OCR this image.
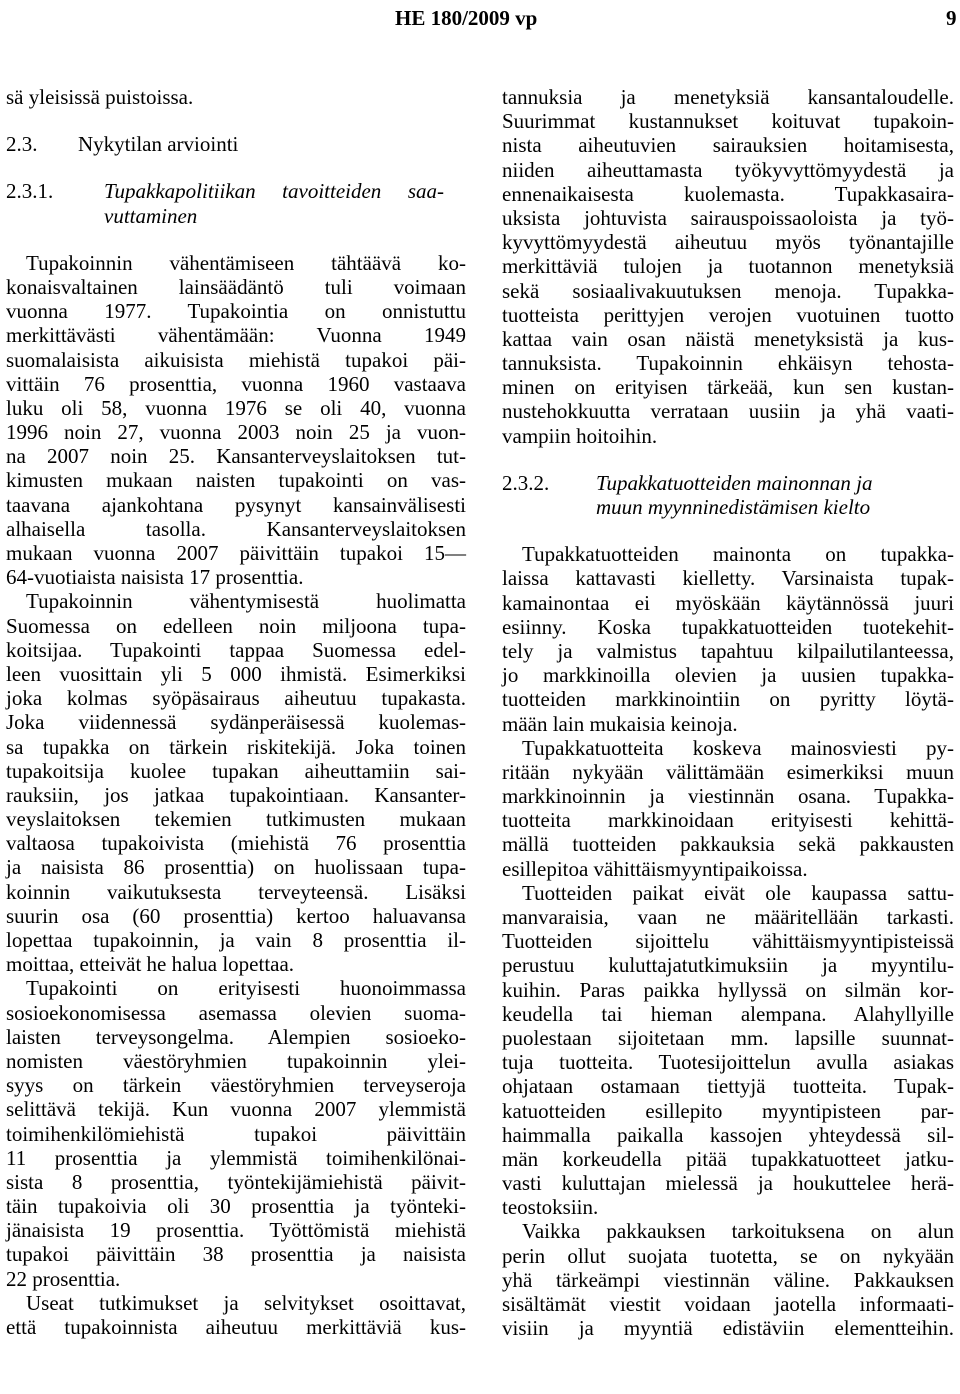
HE 180/2009 vp	9
sä yleisissä puistoissa.
2.3. Nykytilan arviointi
2.3.1. Tupakkapolitiikan tavoitteiden saa-
vuttaminen
Tupakoinnin vähentämiseen tähtäävä ko-
konaisvaltainen lainsäädäntö tuli voimaan
vuonna 1977. Tupakointia on onnistuttu
merkittävästi vähentämään: Vuonna 1949
suomalaisista aikuisista miehistä tupakoi päi-
vittäin 76 prosenttia, vuonna 1960 vastaava
luku oli 58, vuonna 1976 se oli 40, vuonna
1996 noin 27, vuonna 2003 noin 25 ja vuon-
na 2007 noin 25. Kansanterveyslaitoksen tut-
kimusten mukaan naisten tupakointi on vas-
taavana ajankohtana pysynyt kansainvälisesti
alhaisella tasolla. Kansanterveyslaitoksen
mukaan vuonna 2007 päivittäin tupakoi 15—
64-vuotiaista naisista 17 prosenttia.
Tupakoinnin vähentymisestä huolimatta
Suomessa on edelleen noin miljoona tupa-
koitsijaa. Tupakointi tappaa Suomessa edel-
leen vuosittain yli 5 000 ihmistä. Esimerkiksi
joka kolmas syöpäsairaus aiheutuu tupakasta.
Joka viidennessä sydänperäisessä kuolemas-
sa tupakka on tärkein riskitekijä. Joka toinen
tupakoitsija kuolee tupakan aiheuttamiin sai-
rauksiin, jos jatkaa tupakointiaan. Kansanter-
veyslaitoksen tekemien tutkimusten mukaan
valtaosa tupakoivista (miehistä 76 prosenttia
ja naisista 86 prosenttia) on huolissaan tupa-
koinnin vaikutuksesta terveyteensä. Lisäksi
suurin osa (60 prosenttia) kertoo haluavansa
lopettaa tupakoinnin, ja vain 8 prosenttia il-
moittaa, etteivät he halua lopettaa.
Tupakointi on erityisesti huonoimmassa
sosioekonomisessa asemassa olevien suoma-
laisten terveysongelma. Alempien sosioeko-
nomisten väestöryhmien tupakoinnin ylei-
syys on tärkein väestöryhmien terveyseroja
selittävä tekijä. Kun vuonna 2007 ylemmistä
toimihenkilömiehistä tupakoi päivittäin
11 prosenttia ja ylemmistä toimihenkilönai-
sista 8 prosenttia, työntekijämiehistä päivit-
täin tupakoivia oli 30 prosenttia ja työnteki-
jänaisista 19 prosenttia. Työttömistä miehistä
tupakoi päivittäin 38 prosenttia ja naisista
22 prosenttia.
Useat tutkimukset ja selvitykset osoittavat,
että tupakoinnista aiheutuu merkittäviä kus-
tannuksia ja menetyksiä kansantaloudelle.
Suurimmat kustannukset koituvat tupakoin-
nista aiheutuvien sairauksien hoitamisesta,
niiden aiheuttamasta työkyvyttömyydestä ja
ennenaikaisesta kuolemasta. Tupakkasaira-
uksista johtuvista sairauspoissaoloista ja työ-
kyvyttömyydestä aiheutuu myös työnantajille
merkittäviä tulojen ja tuotannon menetyksiä
sekä sosiaalivakuutuksen menoja. Tupakka-
tuotteista perittyjen verojen vuotuinen tuotto
kattaa vain osan näistä menetyksistä ja kus-
tannuksista. Tupakoinnin ehkäisyn tehosta-
minen on erityisen tärkeää, kun sen kustan-
nustehokkuutta verrataan uusiin ja yhä vaati-
vampiin hoitoihin.
2.3.2. Tupakkatuotteiden mainonnan ja
muun myynninedistämisen kielto
Tupakkatuotteiden mainonta on tupakka-
laissa kattavasti kielletty. Varsinaista tupak-
kamainontaa ei myöskään käytännössä juuri
esiinny. Koska tupakkatuotteiden tuotekehit-
tely ja valmistus tapahtuu kilpailutilanteessa,
jo markkinoilla olevien ja uusien tupakka-
tuotteiden markkinointiin on pyritty löytä-
mään lain mukaisia keinoja.
Tupakkatuotteita koskeva mainosviesti py-
ritään nykyään välittämään esimerkiksi muun
markkinoinnin ja viestinnän osana. Tupakka-
tuotteita markkinoidaan erityisesti kehittä-
mällä tuotteiden pakkauksia sekä pakkausten
esillepitoa vähittäismyyntipaikoissa.
Tuotteiden paikat eivät ole kaupassa sattu-
manvaraisia, vaan ne määritellään tarkasti.
Tuotteiden sijoittelu vähittäismyyntipisteissä
perustuu kuluttajatutkimuksiin ja myyntilu-
kuihin. Paras paikka hyllyssä on silmän kor-
keudella tai hieman alempana. Alahyllyille
puolestaan sijoitetaan mm. lapsille suunnat-
tuja tuotteita. Tuotesijoittelun avulla asiakas
ohjataan ostamaan tiettyjä tuotteita. Tupak-
katuotteiden esillepito myyntipisteen par-
haimmalla paikalla kassojen yhteydessä sil-
män korkeudella pitää tupakkatuotteet jatku-
vasti kuluttajan mielessä ja houkuttelee herä-
teostoksiin.
Vaikka pakkauksen tarkoituksena on alun
perin ollut suojata tuotetta, se on nykyään
yhä tärkeämpi viestinnän väline. Pakkauksen
sisältämät viestit voidaan jaotella informaati-
visiin ja myyntiä edistäviin elementteihin.
